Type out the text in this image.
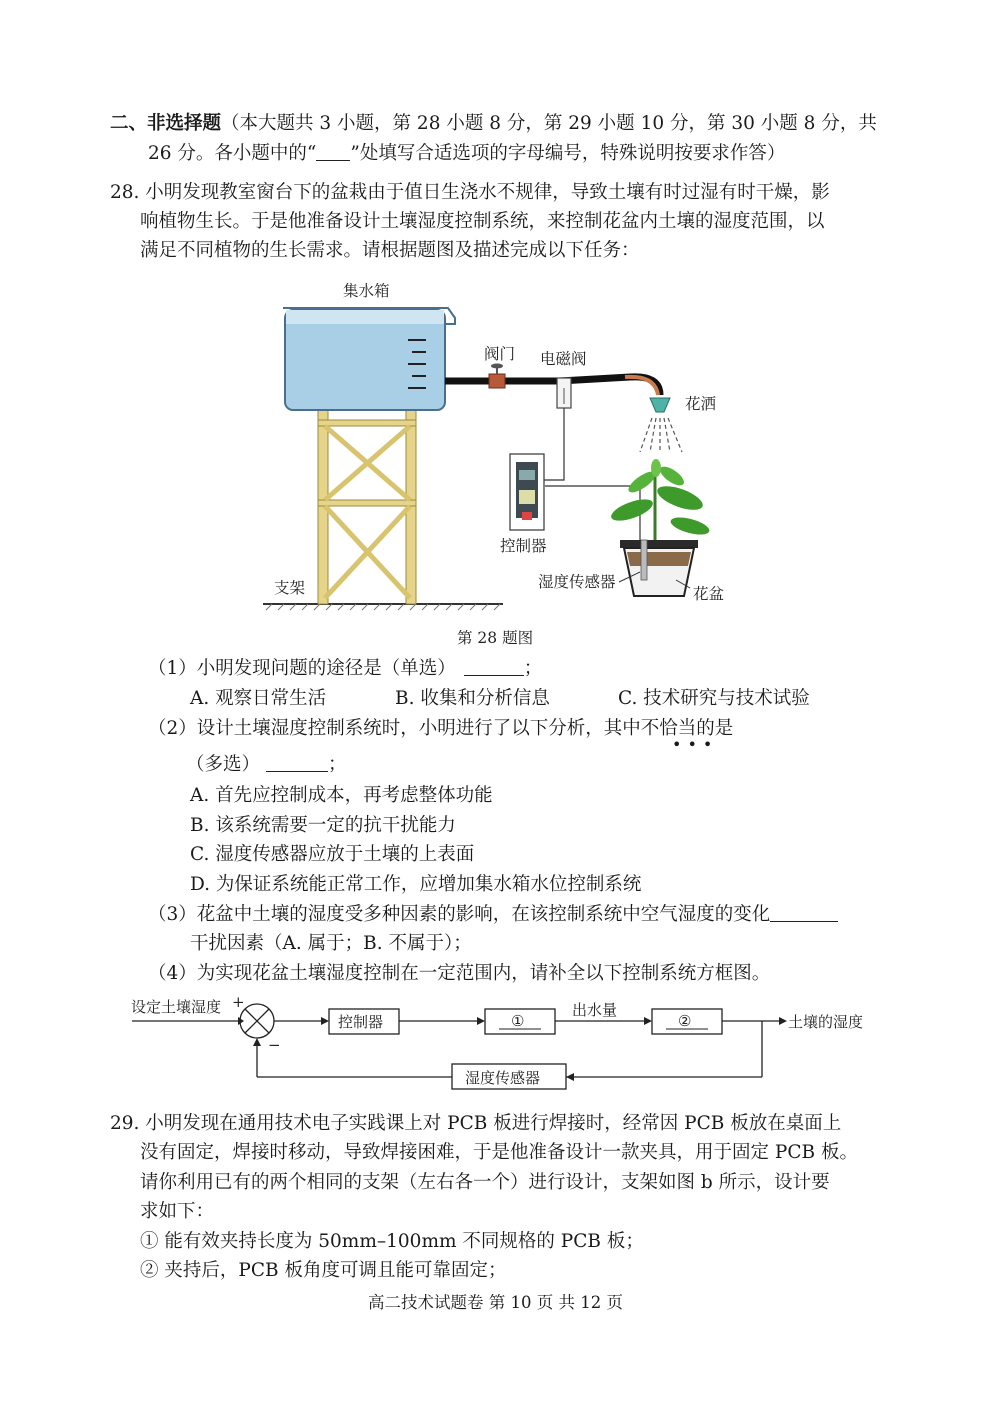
二、非选择题（本大题共 3 小题，第 28 小题 8 分，第 29 小题 10 分，第 30 小题 8 分，共
26 分。各小题中的“ ”处填写合适选项的字母编号，特殊说明按要求作答）
28. 小明发现教室窗台下的盆栽由于值日生浇水不规律，导致土壤有时过湿有时干燥，影
响植物生长。于是他准备设计土壤湿度控制系统，来控制花盆内土壤的湿度范围，以
满足不同植物的生长需求。请根据题图及描述完成以下任务：
集水箱
阀门 电磁阀
花洒
控制器
湿度传感器
花盆
支架
第 28 题图
设定土壤湿度 +
−
控制器	①
出水量
②	土壤的湿度
湿度传感器
（1）小明发现问题的途径是（单选）	；
A. 观察日常生活	B. 收集和分析信息	C. 技术研究与技术试验
（2）设计土壤湿度控制系统时，小明进行了以下分析，其中不恰当的是
•••
（多选）	；
A. 首先应控制成本，再考虑整体功能
B. 该系统需要一定的抗干扰能力
C. 湿度传感器应放于土壤的上表面
D. 为保证系统能正常工作，应增加集水箱水位控制系统
（3）花盆中土壤的湿度受多种因素的影响，在该控制系统中空气湿度的变化
干扰因素（A. 属于；B. 不属于）；
（4）为实现花盆土壤湿度控制在一定范围内，请补全以下控制系统方框图。
29. 小明发现在通用技术电子实践课上对 PCB 板进行焊接时，经常因 PCB 板放在桌面上
没有固定，焊接时移动，导致焊接困难，于是他准备设计一款夹具，用于固定 PCB 板。
请你利用已有的两个相同的支架（左右各一个）进行设计，支架如图 b 所示，设计要
求如下：
① 能有效夹持长度为 50mm–100mm 不同规格的 PCB 板；
② 夹持后，PCB 板角度可调且能可靠固定；
高二技术试题卷 第 10 页 共 12 页
